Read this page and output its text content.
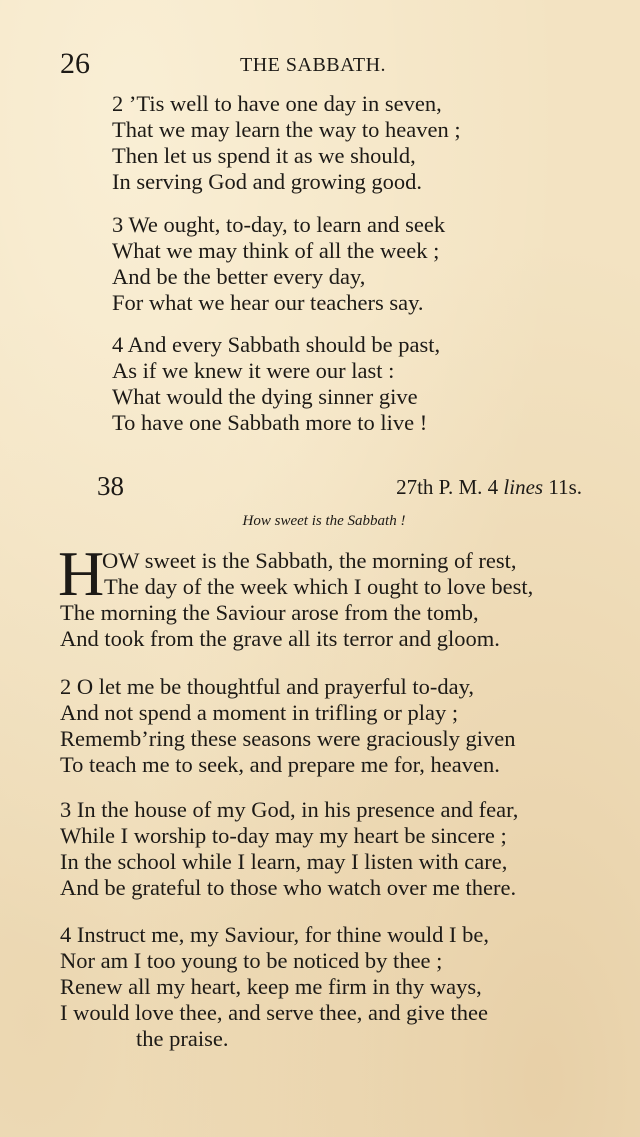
26	THE SABBATH.
2 ’Tis well to have one day in seven,
That we may learn the way to heaven ;
Then let us spend it as we should,
In serving God and growing good.
3 We ought, to-day, to learn and seek
What we may think of all the week ;
And be the better every day,
For what we hear our teachers say.
4 And every Sabbath should be past,
As if we knew it were our last :
What would the dying sinner give
To have one Sabbath more to live !
38	27th P. M. 4 lines 11s.
How sweet is the Sabbath !
H
OW sweet is the Sabbath, the morning of rest,
The day of the week which I ought to love best,
The morning the Saviour arose from the tomb,
And took from the grave all its terror and gloom.
2 O let me be thoughtful and prayerful to-day,
And not spend a moment in trifling or play ;
Rememb’ring these seasons were graciously given
To teach me to seek, and prepare me for, heaven.
3 In the house of my God, in his presence and fear,
While I worship to-day may my heart be sincere ;
In the school while I learn, may I listen with care,
And be grateful to those who watch over me there.
4 Instruct me, my Saviour, for thine would I be,
Nor am I too young to be noticed by thee ;
Renew all my heart, keep me firm in thy ways,
I would love thee, and serve thee, and give thee
the praise.
